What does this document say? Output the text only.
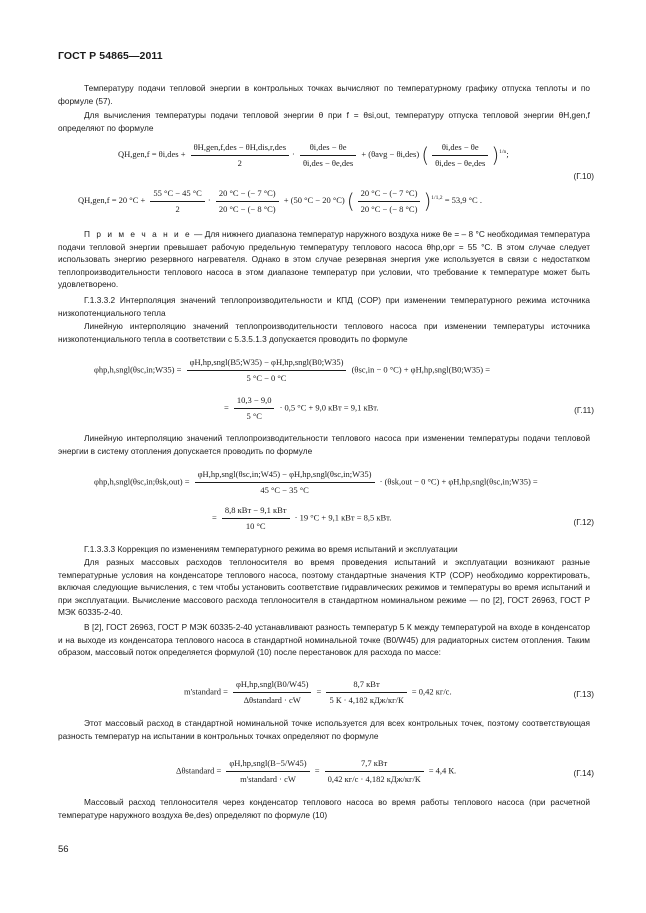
ГОСТ Р 54865—2011

Температуру подачи тепловой энергии в контрольных точках вычисляют по температурному графику отпуска теплоты и по формуле (57).

Для вычисления температуры подачи тепловой энергии θ при f = θsi,out, температуру отпуска тепловой энергии θH,gen,f определяют по формуле

$QH,gen,f = \theta i,des + \frac{\text{θH,gen,f,des − θH,dis,r,des}}{2} \cdot \frac{\text{θi,des − θe}}{\text{θi,des − θe,des}} + (\theta avg - \theta i,des)$ ( $\frac{\text{θi,des − θe}}{\text{θi,des − θe,des}} )^{1/n}$;
QH,gen,f = 20 $^\circ C + \frac{55 ^\circ C - 45 ^\circ C}{2} \cdot \frac{20 ^\circ C - (- 7 ^\circ C)}{20 ^\circ C - (- 8 ^\circ C)} + (50$ °C − 20 °C) ( $\frac{20 ^\circ C - (- 7 ^\circ C)}{20 ^\circ C - (- 8 ^\circ C)} )^{1/1,2} = 53,9$ °C .
(Г.10)

П р и м е ч а н и е — Для нижнего диапазона температур наружного воздуха ниже θe = – 8 °С необходимая температура подачи тепловой энергии превышает рабочую предельную температуру теплового насоса θhp,opr = 55 °С. В этом случае следует использовать энергию резервного нагревателя. Однако в этом случае резервная энергия уже используется в связи с недостатком теплопроизводительности теплового насоса в этом диапазоне температур при условии, что требование к температуре может быть удовлетворено.

Г.1.3.3.2 Интерполяция значений теплопроизводительности и КПД (COP) при изменении температурного режима источника низкопотенциального тепла

Линейную интерполяцию значений теплопроизводительности теплового насоса при изменении температуры источника низкопотенциального тепла в соответствии с 5.3.5.1.3 допускается проводить по формуле

φhp,h,sngl(θsc,in;W35) = $\frac{\text{φH,hp,sngl(B5;W35) − φH,hp,sngl(B0;W35)}}{5 ^\circ C - 0 ^\circ C} (\theta sc,in - 0$ °C) + φH,hp,sngl(B0;W35) =
= $\frac{10,3 - 9,0}{5 ^\circ C} \cdot 0,5$ °C + 9,0 кВт = 9,1 кВт.	(Г.11)

Линейную интерполяцию значений теплопроизводительности теплового насоса при изменении температуры подачи тепловой энергии в систему отопления допускается проводить по формуле

φhp,h,sngl(θsc,in;θsk,out) = $\frac{\text{φH,hp,sngl(θsc,in;W45) − φH,hp,sngl(θsc,in;W35)}}{45 ^\circ C - 35 ^\circ C} \cdot (\theta sk,out - 0$ °C) + φH,hp,sngl(θsc,in;W35) =
= $\frac{\text{8,8 кВт − 9,1 кВт}}{10 ^\circ C} \cdot 19$ °C + 9,1 кВт = 8,5 кВт.	(Г.12)

Г.1.3.3.3 Коррекция по изменениям температурного режима во время испытаний и эксплуатации

Для разных массовых расходов теплоносителя во время проведения испытаний и эксплуатации возникают разные температурные условия на конденсаторе теплового насоса, поэтому стандартные значения KTP (COP) необходимо корректировать, включая следующие вычисления, с тем чтобы установить соответствие гидравлических режимов и температуры во время испытаний и при эксплуатации. Вычисление массового расхода теплоносителя в стандартном номинальном режиме — по [2], ГОСТ 26963, ГОСТ Р МЭК 60335-2-40.

В [2], ГОСТ 26963, ГОСТ Р МЭК 60335-2-40 устанавливают разность температур 5 К между температурой на входе в конденсатор и на выходе из конденсатора теплового насоса в стандартной номинальной точке (B0/W45) для радиаторных систем отопления. Таким образом, массовый поток определяется формулой (10) после перестановок для расхода по массе:

m'standard = $\frac{\text{φH,hp,sngl(B0/W45)}}{\text{Δθstandard · cW}} = \frac{\text{8,7 кВт}}{\text{5 К · 4,182 кДж/кг/К}} = 0,42$ кг/с.	(Г.13)

Этот массовый расход в стандартной номинальной точке используется для всех контрольных точек, поэтому соответствующая разность температур на испытании в контрольных точках определяют по формуле

Δθstandard = $\frac{\text{φH,hp,sngl(B−5/W45)}}{\text{m'standard · cW}} = \frac{\text{7,7 кВт}}{\text{0,42 кг/с · 4,182 кДж/кг/К}} = 4,4$ К.	(Г.14)

Массовый расход теплоносителя через конденсатор теплового насоса во время работы теплового насоса (при расчетной температуре наружного воздуха θe,des) определяют по формуле (10)

56
